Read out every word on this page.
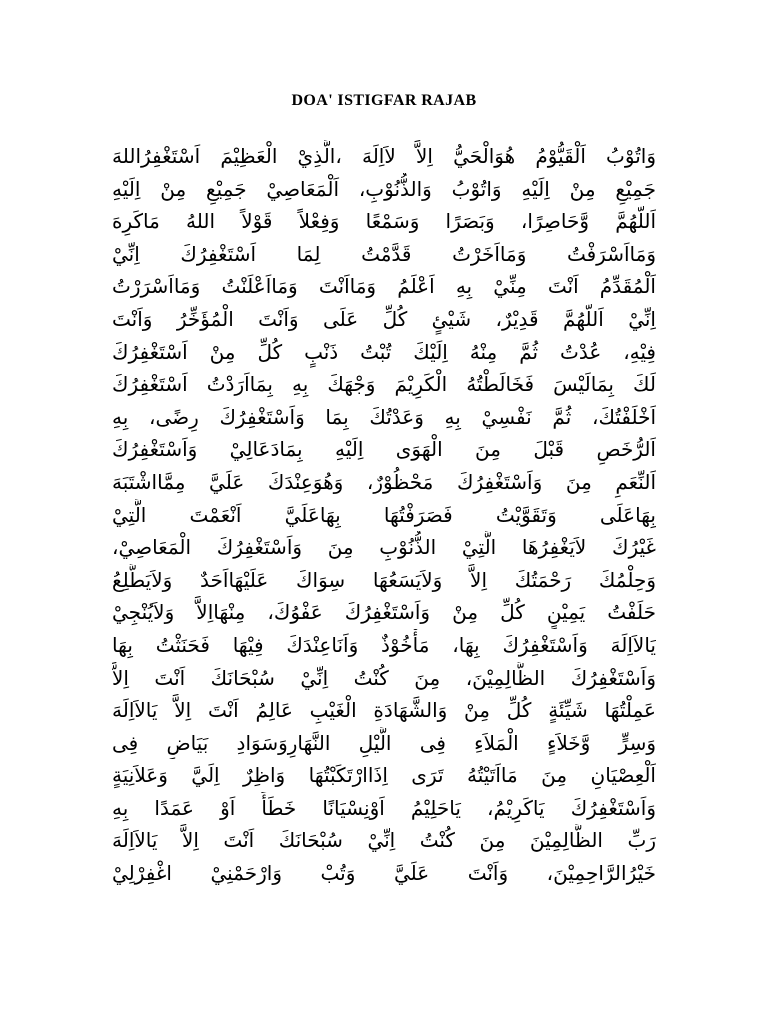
DOA' ISTIGFAR RAJAB
وَاتُوْبُ اَلْقَيُّوْمُ هُوَالْحَيُّ اِلاَّ لاَاِلَهَ ،الَّذِيْ الْعَظِيْمَ اَسْتَغْفِرُاللهَ
جَمِيْعِ مِنْ اِلَيْهِ وَاتُوْبُ وَالذُّنُوْبِ، اَلْمَعَاصِيْ جَمِيْعِ مِنْ اِلَيْهِ
اَللّهُمَّ وَّحَاصِرًا، وَبَصَرًا وَسَمْعًا وَفِعْلاً قَوْلاً اللهُ مَاكَرِهَ
وَمَااَسْرَفْتُ وَمَااَخَرْتُ قَدَّمْتُ لِمَا اَسْتَغْفِرُكَ اِنِّيْ
اَلْمُقَدِّمُ اَنْتَ مِنِّيْ بِهِ اَعْلَمُ وَمَااَنْتَ وَمَااَعْلَنْتُ وَمَااَسْرَرْتُ
اِنِّيْ اَللّهُمَّ قَدِيْرٌ، شَيْئٍ كُلِّ عَلَى وَاَنْتَ الْمُؤَخِّرُ وَاَنْتَ
فِيْهِ، عُدْتُ ثُمَّ مِنْهُ اِلَيْكَ تُبْتُ ذَنْبٍ كُلِّ مِنْ اَسْتَغْفِرُكَ
لَكَ بِمَالَيْسَ فَخَالَطْتُهُ الْكَرِيْمَ وَجْهَكَ بِهِ بِمَااَرَدْتُ اَسْتَغْفِرُكَ
اَخْلَفْتُكَ، ثُمَّ نَفْسِيْ بِهِ وَعَدْتُكَ بِمَا وَاَسْتَغْفِرُكَ رِضًى، بِهِ
اَلرُّخَصِ قَبْلَ مِنَ الْهَوَى اِلَيْهِ بِمَادَعَالِيْ وَاَسْتَغْفِرُكَ
اَلنِّعَمِ مِنَ وَاَسْتَغْفِرُكَ مَحْظُوْرٌ، وَهُوَعِنْدَكَ عَلَيَّ مِمَّااشْتَبَهَ
بِهَاعَلَى وَتَقَوَّيْتُ فَصَرَفْتُهَا بِهَاعَلَيَّ اَنْعَمْتَ الَّتِيْ
غَيْرُكَ لاَيَغْفِرُهَا الَّتِيْ الذُّنُوْبِ مِنَ وَاَسْتَغْفِرُكَ الْمَعَاصِيْ،
وَحِلْمُكَ رَحْمَتُكَ اِلاَّ وَلاَيَسَعُهَا سِوَاكَ عَلَيْهَااَحَدٌ وَلاَيَطَّلِعُ
حَلَفْتُ يَمِيْنٍ كُلِّ مِنْ وَاَسْتَغْفِرُكَ عَفْوُكَ، مِنْهَااِلاَّ وَلاَيُنْجِيْ
يَالاَاِلَهَ وَاَسْتَغْفِرُكَ بِهَا، مَأْخُوْذٌ وَاَنَاعِنْدَكَ فِيْهَا فَحَنَثْتُ بِهَا
وَاَسْتَغْفِرُكَ الظَّالِمِيْنَ، مِنَ كُنْتُ اِنِّيْ سُبْحَانَكَ اَنْتَ اِلاَّ
عَمِلْتُهَا شَيِّئَةٍ كُلِّ مِنْ وَالشَّهَادَةِ الْغَيْبِ عَالِمُ اَنْتَ اِلاَّ يَالاَاِلَهَ
وَسِرٍّ وَّخَلاَءٍ الْمَلاَءِ فِى الَّيْلِ النَّهَارِوَسَوَادِ بَيَاضِ فِى
اَلْعِصْيَانِ مِنَ مَااَتَيْتُهُ تَرَى اِذَاارْتَكَبْتُهَا وَاظِرٌ اِلَيَّ وَعَلاَنِيَةٍ
وَاَسْتَغْفِرُكَ يَاكَرِيْمُ، يَاحَلِيْمُ اَوْنِسْيَانًا خَطَأً اَوْ عَمَدًا بِهِ
رَبِّ الظَّالِمِيْنَ مِنَ كُنْتُ اِنِّيْ سُبْحَانَكَ اَنْتَ اِلاَّ يَالاَاِلَهَ
خَيْرُالرَّاحِمِيْنَ، وَاَنْتَ عَلَيَّ وَتُبْ وَارْحَمْنِيْ اغْفِرْلِيْ
